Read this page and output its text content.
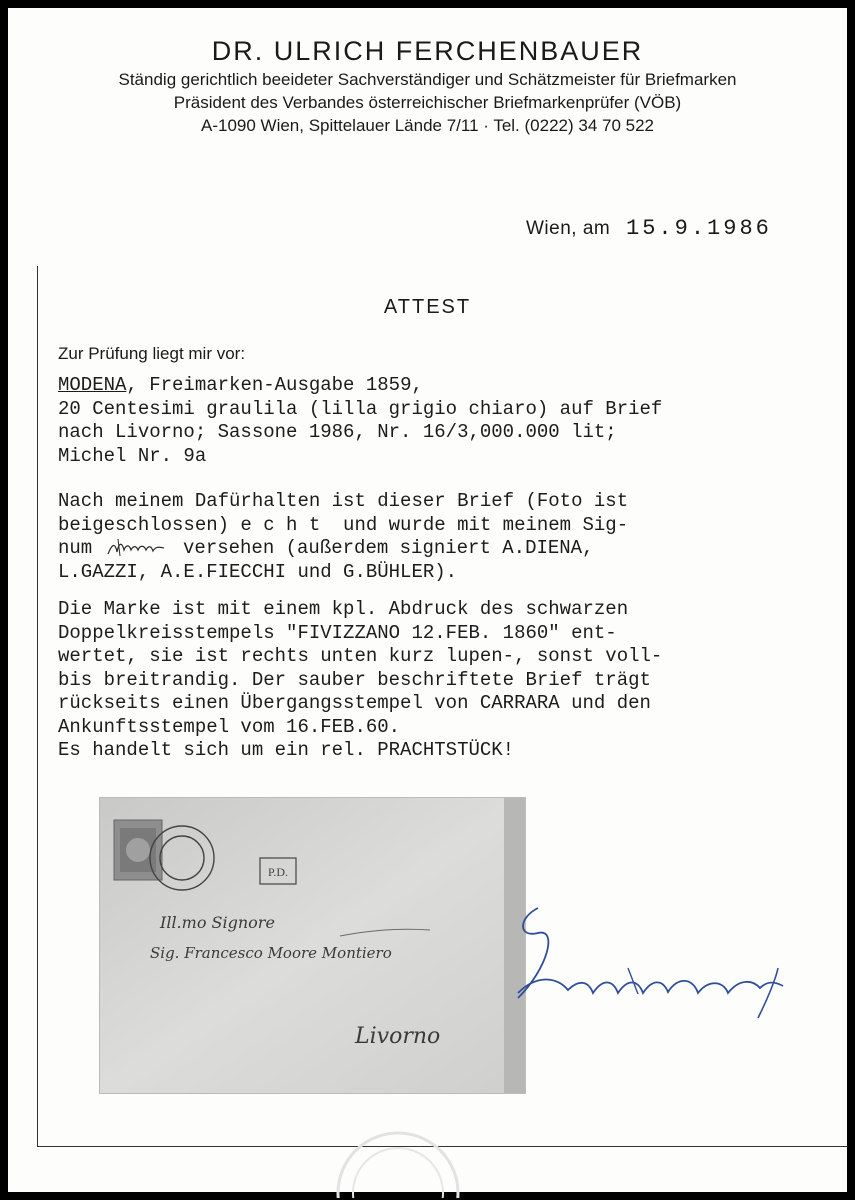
DR. ULRICH FERCHENBAUER
Ständig gerichtlich beeideter Sachverständiger und Schätzmeister für Briefmarken
Präsident des Verbandes österreichischer Briefmarkenprüfer (VÖB)
A-1090 Wien, Spittelauer Lände 7/11 · Tel. (0222) 34 70 522
Wien, am 15.9.1986
ATTEST
Zur Prüfung liegt mir vor:
MODENA, Freimarken-Ausgabe 1859,
20 Centesimi graulila (lilla grigio chiaro) auf Brief
nach Livorno; Sassone 1986, Nr. 16/3,000.000 lit;
Michel Nr. 9a
Nach meinem Dafürhalten ist dieser Brief (Foto ist
beigeschlossen) e c h t  und wurde mit meinem Sig-
num	versehen (außerdem signiert A.DIENA,
L.GAZZI, A.E.FIECCHI und G.BÜHLER).
Die Marke ist mit einem kpl. Abdruck des schwarzen
Doppelkreisstempels "FIVIZZANO 12.FEB. 1860" ent-
wertet, sie ist rechts unten kurz lupen-, sonst voll-
bis breitrandig. Der sauber beschriftete Brief trägt
rückseits einen Übergangsstempel von CARRARA und den
Ankunftsstempel vom 16.FEB.60.
Es handelt sich um ein rel. PRACHTSTÜCK!
P.D.
Ill.mo Signore
Sig. Francesco Moore Montiero
Livorno
